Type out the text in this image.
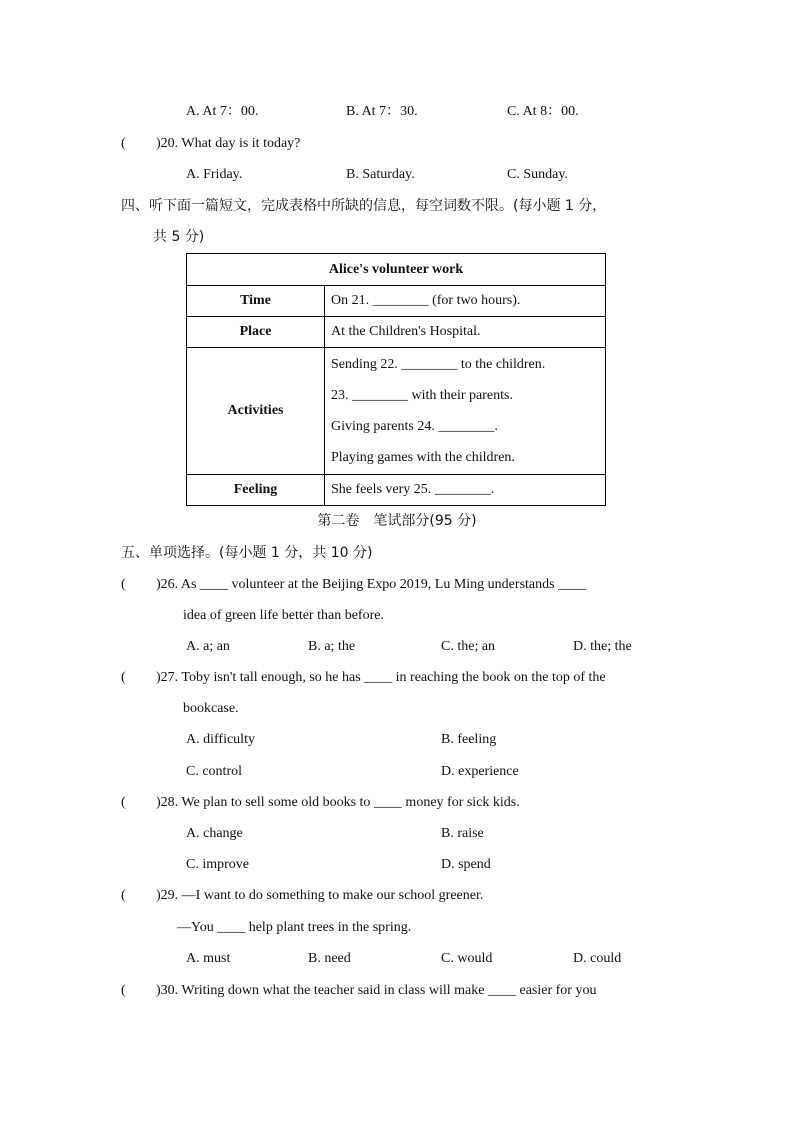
A. At 7：00.	B. At 7：30.	C. At 8：00.
( )20. What day is it today?
A. Friday.	B. Saturday.	C. Sunday.
四、听下面一篇短文，完成表格中所缺的信息，每空词数不限。(每小题 1 分，
共 5 分)
Alice's volunteer work	
Time	On 21. ________ (for two hours).
Place	At the Children's Hospital.
Activities	Sending 22. ________ to the children.
23. ________ with their parents.
Giving parents 24. ________.
Playing games with the children.

Feeling	She feels very 25. ________.
第二卷　笔试部分(95 分)
五、单项选择。(每小题 1 分，共 10 分)
( )26. As ____ volunteer at the Beijing Expo 2019, Lu Ming understands ____
idea of green life better than before.
A. a; an	B. a; the	C. the; an	D. the; the
( )27. Toby isn't tall enough, so he has ____ in reaching the book on the top of the
bookcase.
A. difficulty	B. feeling
C. control	D. experience
( )28. We plan to sell some old books to ____ money for sick kids.
A. change	B. raise
C. improve	D. spend
( )29. —I want to do something to make our school greener.
—You ____ help plant trees in the spring.
A. must	B. need	C. would	D. could
( )30. Writing down what the teacher said in class will make ____ easier for you
